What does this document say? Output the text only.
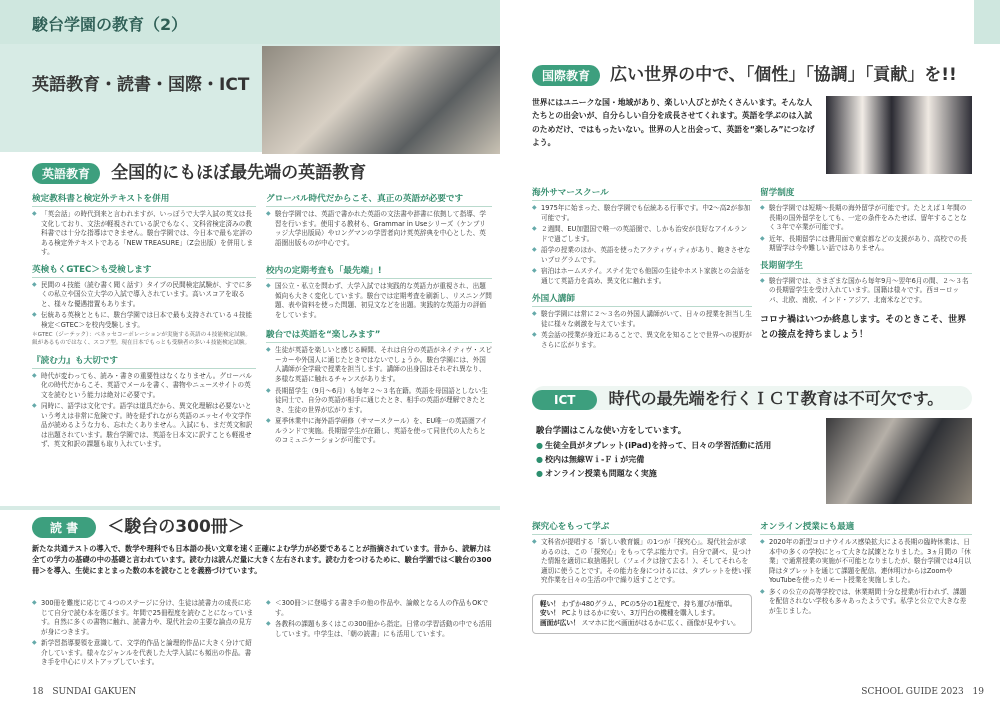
駿台学園の教育（2）
英語教育・読書・国際・ICT
英語教育 全国的にもほぼ最先端の英語教育
検定教科書と検定外テキストを併用
◆ 「英会話」の時代到来と言われますが、いっぽうで大学入試の英文は長文化しており、文法が軽視されている訳でもなく、文科省検定済みの教科書では十分な指導はできません。駿台学園では、今日本で最も定評のある検定外テキストである「NEW TREASURE」（Z会出版）を併用します。
英検もくGTEC＞も受検します
◆ 民間の４技能（読む書く聞く話す）タイプの民間検定試験が、すでに多くの私立や国公立大学の入試で導入されています。高いスコアを取ると、様々な優遇措置もあります。
◆ 伝統ある英検とともに、駿台学園では日本で最も支持されている４技能検定＜GTEC＞を校内受験します。
＊GTEC（ジーテック）：ベネッセコーポレーションが実施する英語の４技能検定試験。級があるものではなく、スコア型。現在日本でもっとも受験者の多い４技能検定試験。
『読む力』も大切です
◆ 時代が変わっても、読み・書きの重要性はなくなりません。グローバル化の時代だからこそ、英語でメールを書く、書物やニュースサイトの英文を読むという能力は絶対に必要です。
◆ 同時に、語学は文化です。語学は道具だから、異文化理解は必要ないという考えは非常に危険です。時を経ずれながら英語のエッセイや文学作品が読めるような力も、忘れたくありません。入試にも、まだ英文和訳は出題されています。駿台学園では、英語を日本文に訳すことも軽視せず、英文和訳の課題も取り入れています。
グローバル時代だからこそ、真正の英語が必要です
◆ 駿台学園では、英語で書かれた英語の文法書や辞書に依拠して指導、学習を行います。使用する教材も、Grammar in Useシリーズ（ケンブリッジ大学出版局）やロングマンの学習者向け英英辞典を中心とした、英語圏出版ものが中心です。
校内の定期考査も「最先端」!
◆ 国公立・私立を問わず、大学入試では実践的な英語力が重視され、出題傾向も大きく変化しています。駿台では定期考査を刷新し、リスニング問題、表や資料を使った問題、初見文などを出題。実践的な英語力の評価をしています。
駿台では英語を“楽しみます”
◆ 生徒が英語を楽しいと感じる瞬間、それは自分の英語がネイティヴ・スピーカーや外国人に通じたときではないでしょうか。駿台学園には、外国人講師が全学級で授業を担当します。講師の出身国はそれぞれ異なり、多様な英語に触れるチャンスがあります。
◆ 長期留学生（9月〜6月）も毎年２〜３名在籍。英語を母国語としない生徒同士で、自分の英語が相手に通じたとき、相手の英語が理解できたとき、生徒の世界が広がります。
◆ 夏季休業中に海外語学研修（サマースクール）を、EU唯一の英語圏アイルランドで実施。長期留学生が在籍し、英語を使って同世代の人たちとのコミュニケーションが可能です。
読 書 ＜駿台の300冊＞
新たな共通テストの導入で、数学や理科でも日本語の長い文章を速く正確によむ学力が必要であることが指摘されています。昔から、読解力は全ての学力の基礎の中の基礎と言われています。読む力は読んだ量に大きく左右されます。読む力をつけるために、駿台学園では＜駿台の300冊＞を導入、生徒にまとまった数の本を読むことを義務づけています。
◆ 300冊を難度に応じて４つのステージに分け、生徒は読書力の成長に応じて自分で読む本を選びます。年間で25冊程度を読むことになっています。自然に多くの書物に触れ、読書力や、現代社会の主要な論点の見方が身につきます。
◆ 新学習指導要領を意識して、文学的作品と論理的作品に大きく分けて紹介しています。様々なジャンルを代表した大学入試にも頻出の作品。書き手を中心にリストアップしています。
◆ ＜300冊＞に登場する書き手の他の作品や、論敵となる人の作品もOKです。
◆ 各教科の課題も多くはこの300冊から指定。日常の学習活動の中でも活用しています。中学生は、「朝の読書」にも活用しています。
18 SUNDAI GAKUEN
国際教育 広い世界の中で、「個性」「協調」「貢献」を!!
世界にはユニークな国・地域があり、楽しい人びとがたくさんいます。そんな人たちとの出会いが、自分らしい自分を成長させてくれます。英語を学ぶのは入試のためだけ、ではもったいない。世界の人と出会って、英語を“楽しみ”につなげよう。
海外サマースクール
◆ 1975年に始まった、駿台学園でも伝統ある行事です。中2〜高2が参加可能です。
◆ ２週間、EU加盟国で唯一の英語圏で、しかも治安が良好なアイルランドで過ごします。
◆ 語学の授業のほか、英語を使ったアクティヴィティがあり、飽きさせないプログラムです。
◆ 宿泊はホームステイ。ステイ先でも他国の生徒やホスト家族との会話を通じて英語力を高め、異文化に触れます。
外国人講師
◆ 駿台学園には常に２〜３名の外国人講師がいて、日々の授業を担当し生徒に様々な刺激を与えています。
◆ 英会話の授業が身近にあることで、異文化を知ることで世界への視野がさらに広がります。
留学制度
◆ 駿台学園では短期〜長期の海外留学が可能です。たとえば１年間の長期の国外留学をしても、一定の条件をみたせば、留年することなく３年で卒業が可能です。
◆ 近年、長期留学には費用面で東京都などの支援があり、高校での長期留学は今や難しい話ではありません。
長期留学生
◆ 駿台学園では、さまざまな国から毎年9月〜翌年6月の間、２〜３名の長期留学生を受け入れています。国籍は様々です。西ヨーロッパ、北欧、南欧、インド・アジア、北南米などです。
コロナ禍はいつか終息します。そのときこそ、世界との接点を持ちましょう！
ICT 時代の最先端を行くＩＣＴ教育は不可欠です。
駿台学園はこんな使い方をしています。
● 生徒全員がタブレット(iPad)を持って、日々の学習活動に活用
● 校内は無線Ｗｉ-Ｆｉが完備
● オンライン授業も問題なく実施
探究心をもって学ぶ
◆ 文科省が提唱する「新しい教育観」の1つが「探究心」。現代社会が求めるのは、この「探究心」をもって学ぶ能力です。自分で調べ、見つけた情報を適切に取捨選択し（フェイクは捨て去る！）、そしてそれらを適切に使うことです。その能力を身につけるには、タブレットを使い探究作業を日々の生活の中で繰り返すことです。
軽い！ わずか480グラム、PCの5分の1程度で、持ち運びが簡単。
安い！ PCよりはるかに安い、3万円台の機種を購入します。
画面が広い！ スマホに比べ画面がはるかに広く、画像が見やすい。
オンライン授業にも最適
◆ 2020年の新型コロナウイルス感染拡大による長期の臨時休業は、日本中の多くの学校にとって大きな試練となりました。3ヵ月間の「休業」で通常授業の実施が不可能となりましたが、駿台学園では4月以降はタブレットを通じて課題を配信、連休明けからはZoomやYouTubeを使ったリモート授業を実施しました。
◆ 多くの公立の高等学校では、休業期間十分な授業が行われず、課題を配信されない学校も多々あったようです。私学と公立で大きな差が生じました。
SCHOOL GUIDE 2023 19
